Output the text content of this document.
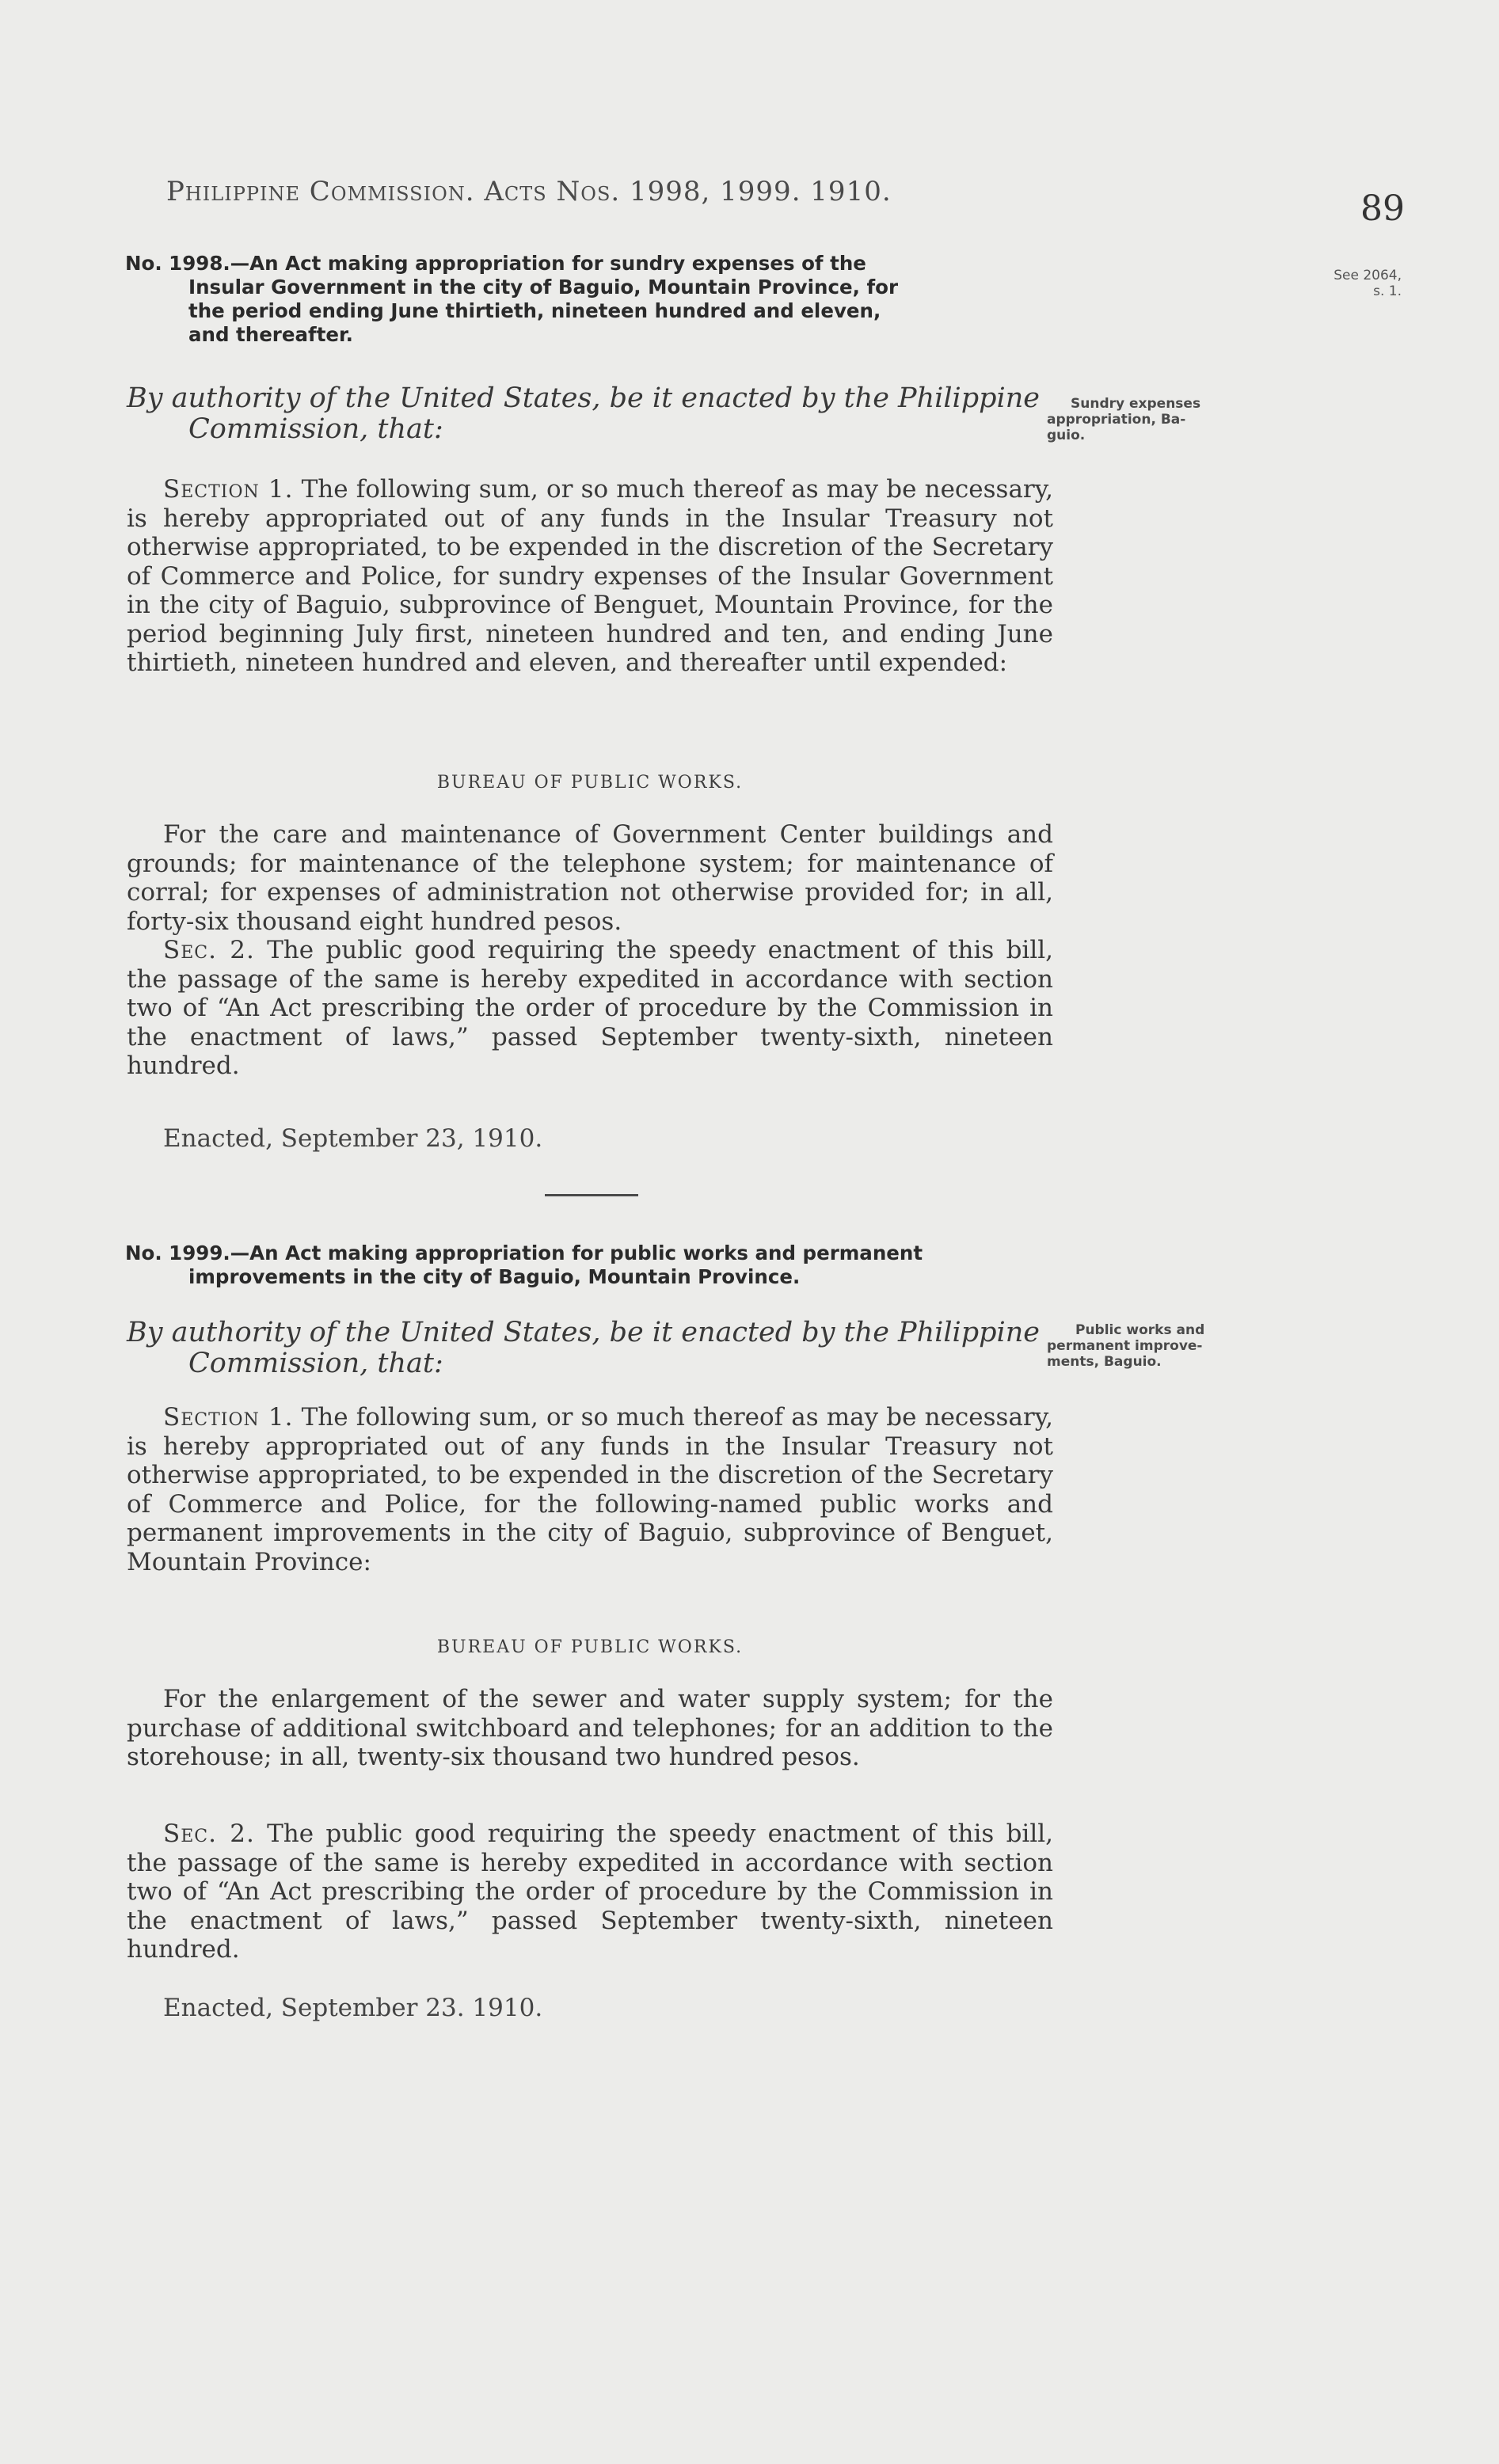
Philippine Commission. Acts Nos. 1998, 1999. 1910.	89
No. 1998.—An Act making appropriation for sundry expenses of the
Insular Government in the city of Baguio, Mountain Province, for
the period ending June thirtieth, nineteen hundred and eleven,
and thereafter.
See 2064,
s. 1.
By authority of the United States, be it enacted by the Philippine
Commission, that:
Sundry expenses
appropriation, Ba-
guio.
Section 1. The following sum, or so much thereof as may be necessary, is hereby appropriated out of any funds in the Insular Treasury not otherwise appropriated, to be expended in the discretion of the Secretary of Commerce and Police, for sundry expenses of the Insular Government in the city of Baguio, subprovince of Benguet, Mountain Province, for the period beginning July first, nineteen hundred and ten, and ending June thirtieth, nineteen hundred and eleven, and thereafter until expended:
BUREAU OF PUBLIC WORKS.
For the care and maintenance of Government Center buildings and grounds; for maintenance of the telephone system; for maintenance of corral; for expenses of administration not otherwise provided for; in all, forty-six thousand eight hundred pesos.
Sec. 2. The public good requiring the speedy enactment of this bill, the passage of the same is hereby expedited in accordance with section two of “An Act prescribing the order of procedure by the Commission in the enactment of laws,” passed September twenty-sixth, nineteen hundred.
Enacted, September 23, 1910.
No. 1999.—An Act making appropriation for public works and permanent
improvements in the city of Baguio, Mountain Province.
By authority of the United States, be it enacted by the Philippine
Commission, that:
Public works and
permanent improve-
ments, Baguio.
Section 1. The following sum, or so much thereof as may be necessary, is hereby appropriated out of any funds in the Insular Treasury not otherwise appropriated, to be expended in the discretion of the Secretary of Commerce and Police, for the following-named public works and permanent improvements in the city of Baguio, subprovince of Benguet, Mountain Province:
BUREAU OF PUBLIC WORKS.
For the enlargement of the sewer and water supply system; for the purchase of additional switchboard and telephones; for an addition to the storehouse; in all, twenty-six thousand two hundred pesos.
Sec. 2. The public good requiring the speedy enactment of this bill, the passage of the same is hereby expedited in accordance with section two of “An Act prescribing the order of procedure by the Commission in the enactment of laws,” passed September twenty-sixth, nineteen hundred.
Enacted, September 23. 1910.
